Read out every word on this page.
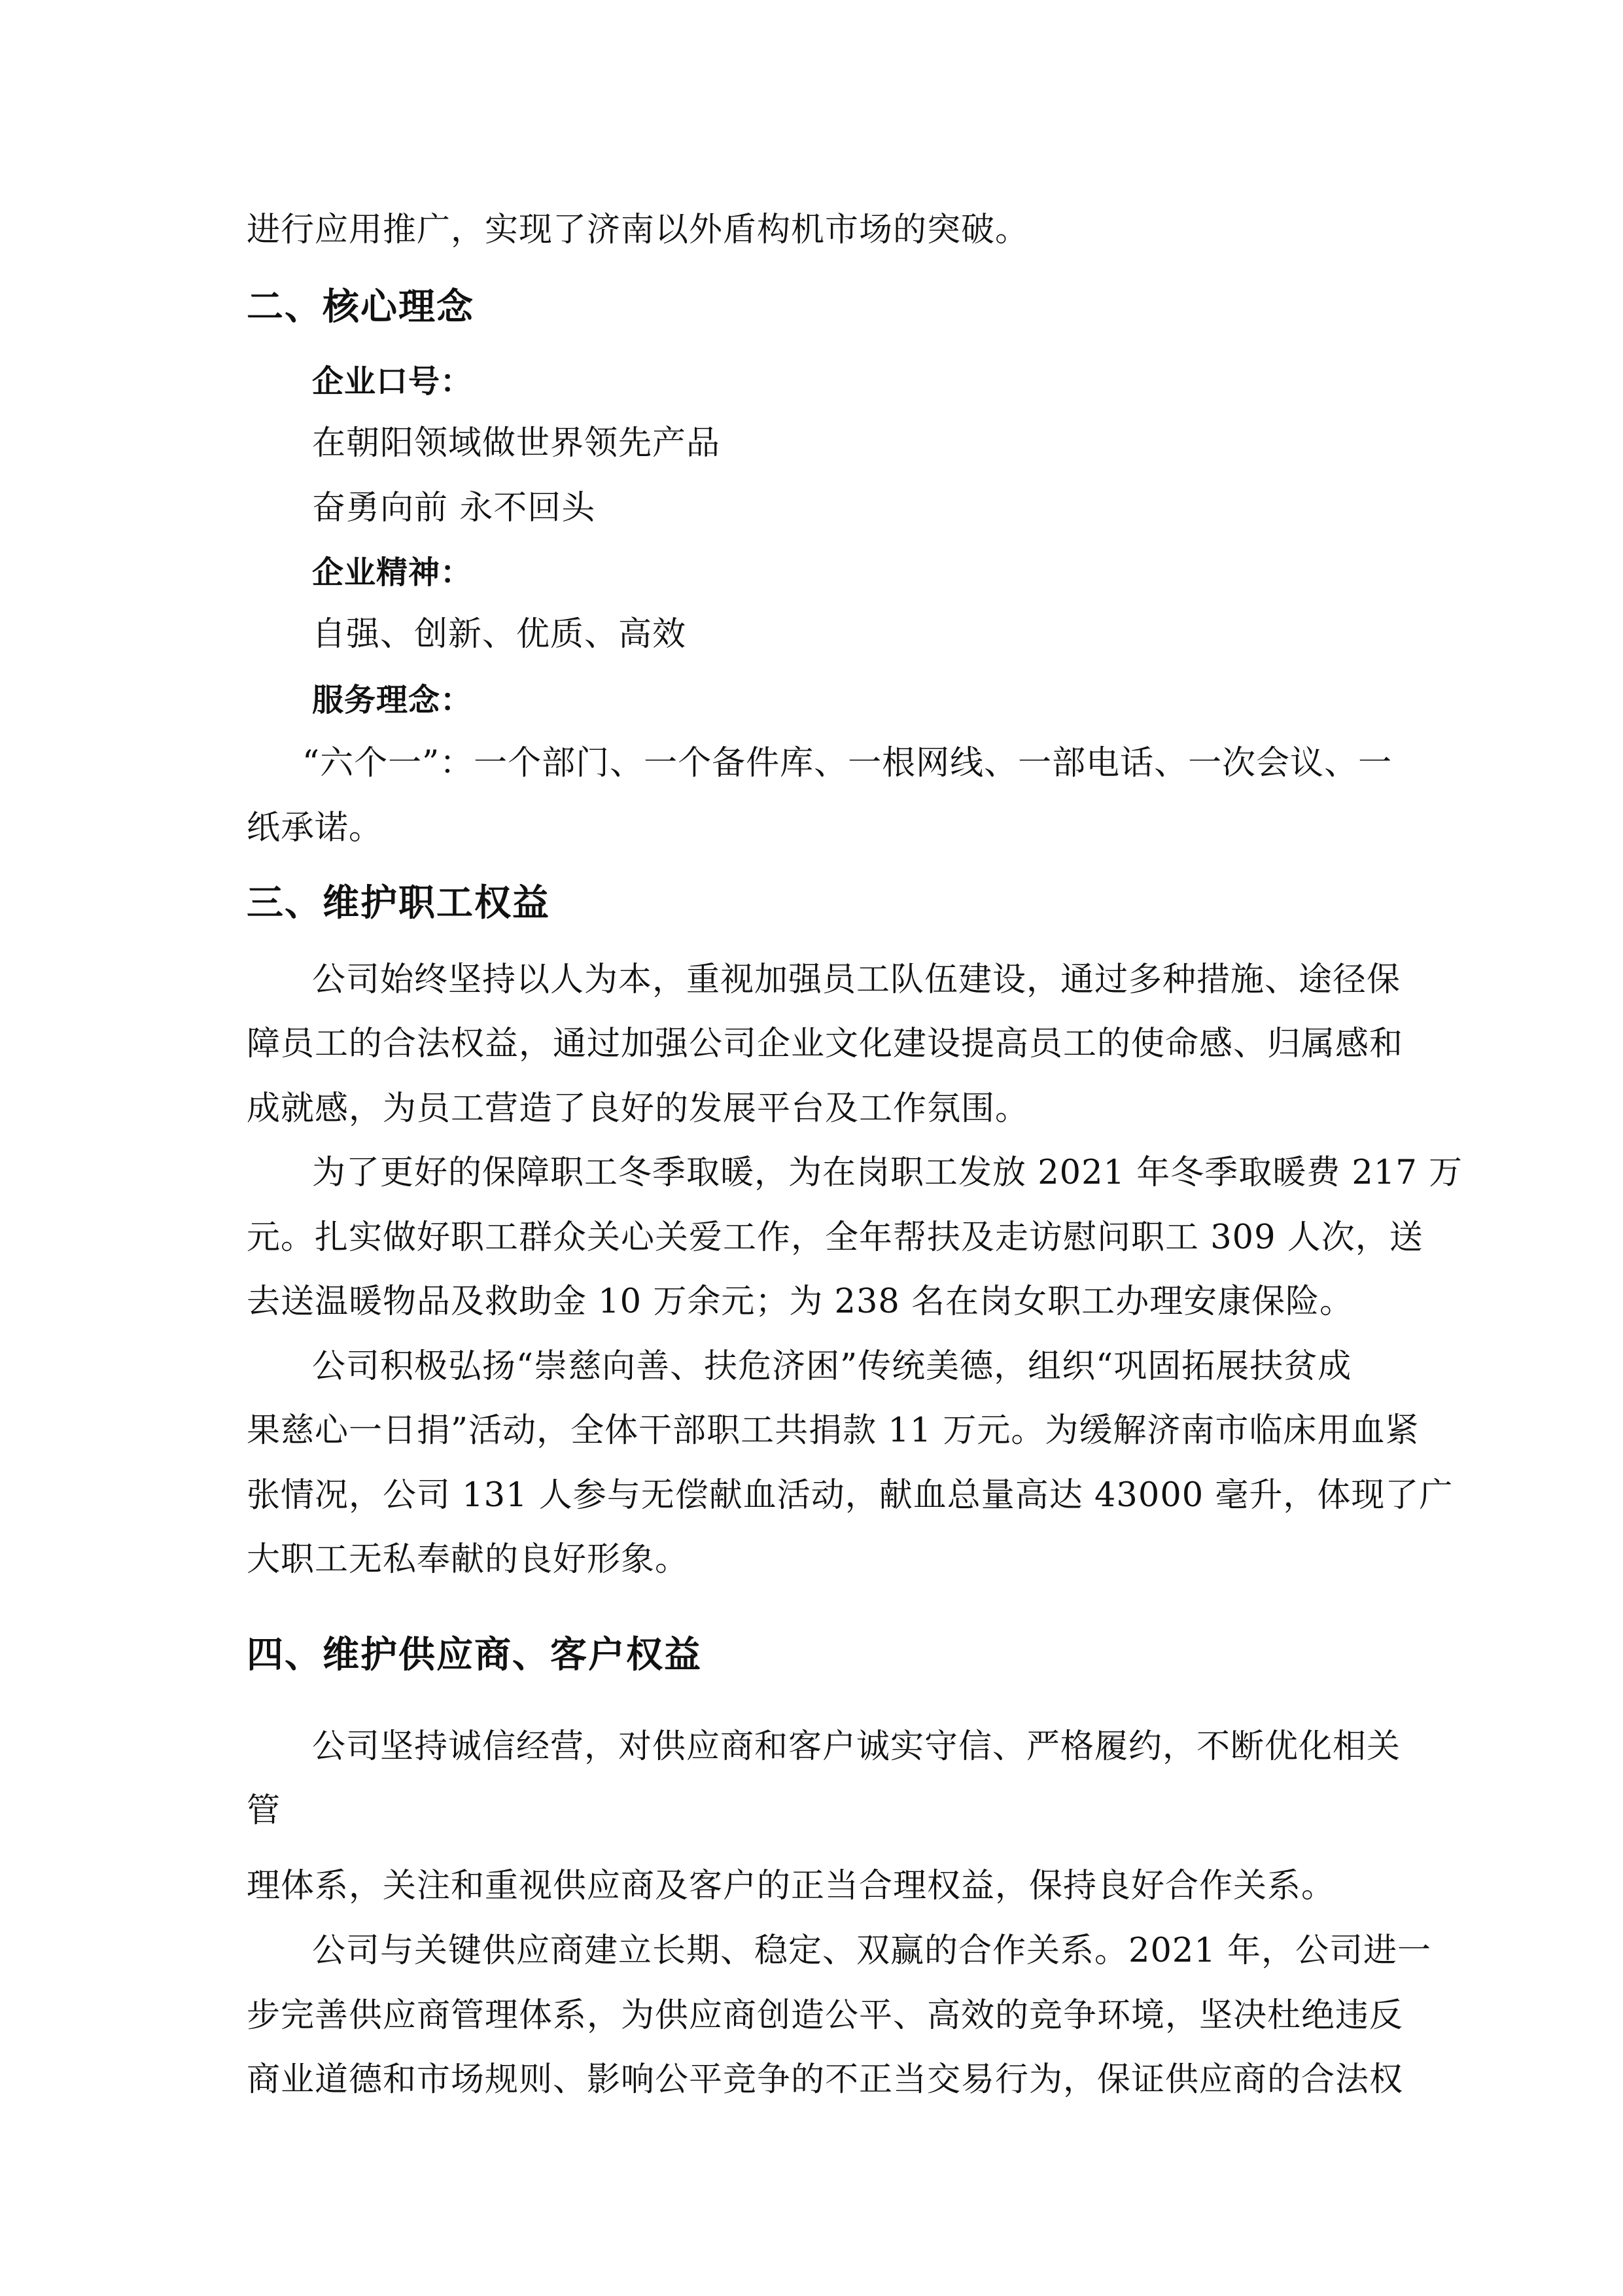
进行应用推广，实现了济南以外盾构机市场的突破。
二、核心理念
企业口号：
在朝阳领域做世界领先产品
奋勇向前 永不回头
企业精神：
自强、创新、优质、高效
服务理念：
“六个一”：一个部门、一个备件库、一根网线、一部电话、一次会议、一
纸承诺。
三、维护职工权益
公司始终坚持以人为本，重视加强员工队伍建设，通过多种措施、途径保
障员工的合法权益，通过加强公司企业文化建设提高员工的使命感、归属感和
成就感，为员工营造了良好的发展平台及工作氛围。
为了更好的保障职工冬季取暖，为在岗职工发放 2021 年冬季取暖费 217 万
元。扎实做好职工群众关心关爱工作，全年帮扶及走访慰问职工 309 人次，送
去送温暖物品及救助金 10 万余元；为 238 名在岗女职工办理安康保险。
公司积极弘扬“崇慈向善、扶危济困”传统美德，组织“巩固拓展扶贫成
果慈心一日捐”活动，全体干部职工共捐款 11 万元。为缓解济南市临床用血紧
张情况，公司 131 人参与无偿献血活动，献血总量高达 43000 毫升，体现了广
大职工无私奉献的良好形象。
四、维护供应商、客户权益
公司坚持诚信经营，对供应商和客户诚实守信、严格履约，不断优化相关
管
理体系，关注和重视供应商及客户的正当合理权益，保持良好合作关系。
公司与关键供应商建立长期、稳定、双赢的合作关系。2021 年，公司进一
步完善供应商管理体系，为供应商创造公平、高效的竞争环境，坚决杜绝违反
商业道德和市场规则、影响公平竞争的不正当交易行为，保证供应商的合法权
